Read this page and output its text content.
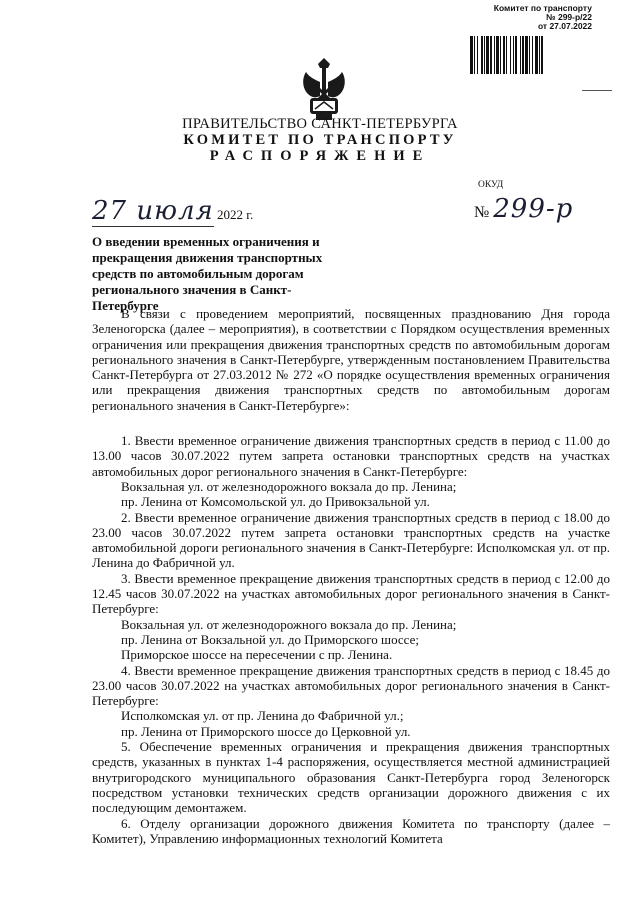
Комитет по транспорту
№ 299-р/22
от 27.07.2022
ПРАВИТЕЛЬСТВО САНКТ-ПЕТЕРБУРГА
КОМИТЕТ ПО ТРАНСПОРТУ
РАСПОРЯЖЕНИЕ
ОКУД
27 июля 2022 г.	№ 299-р
О введении временных ограничения и прекращения движения транспортных средств по автомобильным дорогам регионального значения в Санкт-Петербурге

В связи с проведением мероприятий, посвященных празднованию Дня города Зеленогорска (далее – мероприятия), в соответствии с Порядком осуществления временных ограничения или прекращения движения транспортных средств по автомобильным дорогам регионального значения в Санкт-Петербурге, утвержденным постановлением Правительства Санкт-Петербурга от 27.03.2012 № 272 «О порядке осуществления временных ограничения или прекращения движения транспортных средств по автомобильным дорогам регионального значения в Санкт-Петербурге»:

1. Ввести временное ограничение движения транспортных средств в период с 11.00 до 13.00 часов 30.07.2022 путем запрета остановки транспортных средств на участках автомобильных дорог регионального значения в Санкт-Петербурге:

Вокзальная ул. от железнодорожного вокзала до пр. Ленина;

пр. Ленина от Комсомольской ул. до Привокзальной ул.

2. Ввести временное ограничение движения транспортных средств в период с 18.00 до 23.00 часов 30.07.2022 путем запрета остановки транспортных средств на участке автомобильной дороги регионального значения в Санкт-Петербурге: Исполкомская ул. от пр. Ленина до Фабричной ул.

3. Ввести временное прекращение движения транспортных средств в период с 12.00 до 12.45 часов 30.07.2022 на участках автомобильных дорог регионального значения в Санкт-Петербурге:

Вокзальная ул. от железнодорожного вокзала до пр. Ленина;

пр. Ленина от Вокзальной ул. до Приморского шоссе;

Приморское шоссе на пересечении с пр. Ленина.

4. Ввести временное прекращение движения транспортных средств в период с 18.45 до 23.00 часов 30.07.2022 на участках автомобильных дорог регионального значения в Санкт-Петербурге:

Исполкомская ул. от пр. Ленина до Фабричной ул.;

пр. Ленина от Приморского шоссе до Церковной ул.

5. Обеспечение временных ограничения и прекращения движения транспортных средств, указанных в пунктах 1-4 распоряжения, осуществляется местной администрацией внутригородского муниципального образования Санкт-Петербурга город Зеленогорск посредством установки технических средств организации дорожного движения с их последующим демонтажем.

6. Отделу организации дорожного движения Комитета по транспорту (далее – Комитет), Управлению информационных технологий Комитета
